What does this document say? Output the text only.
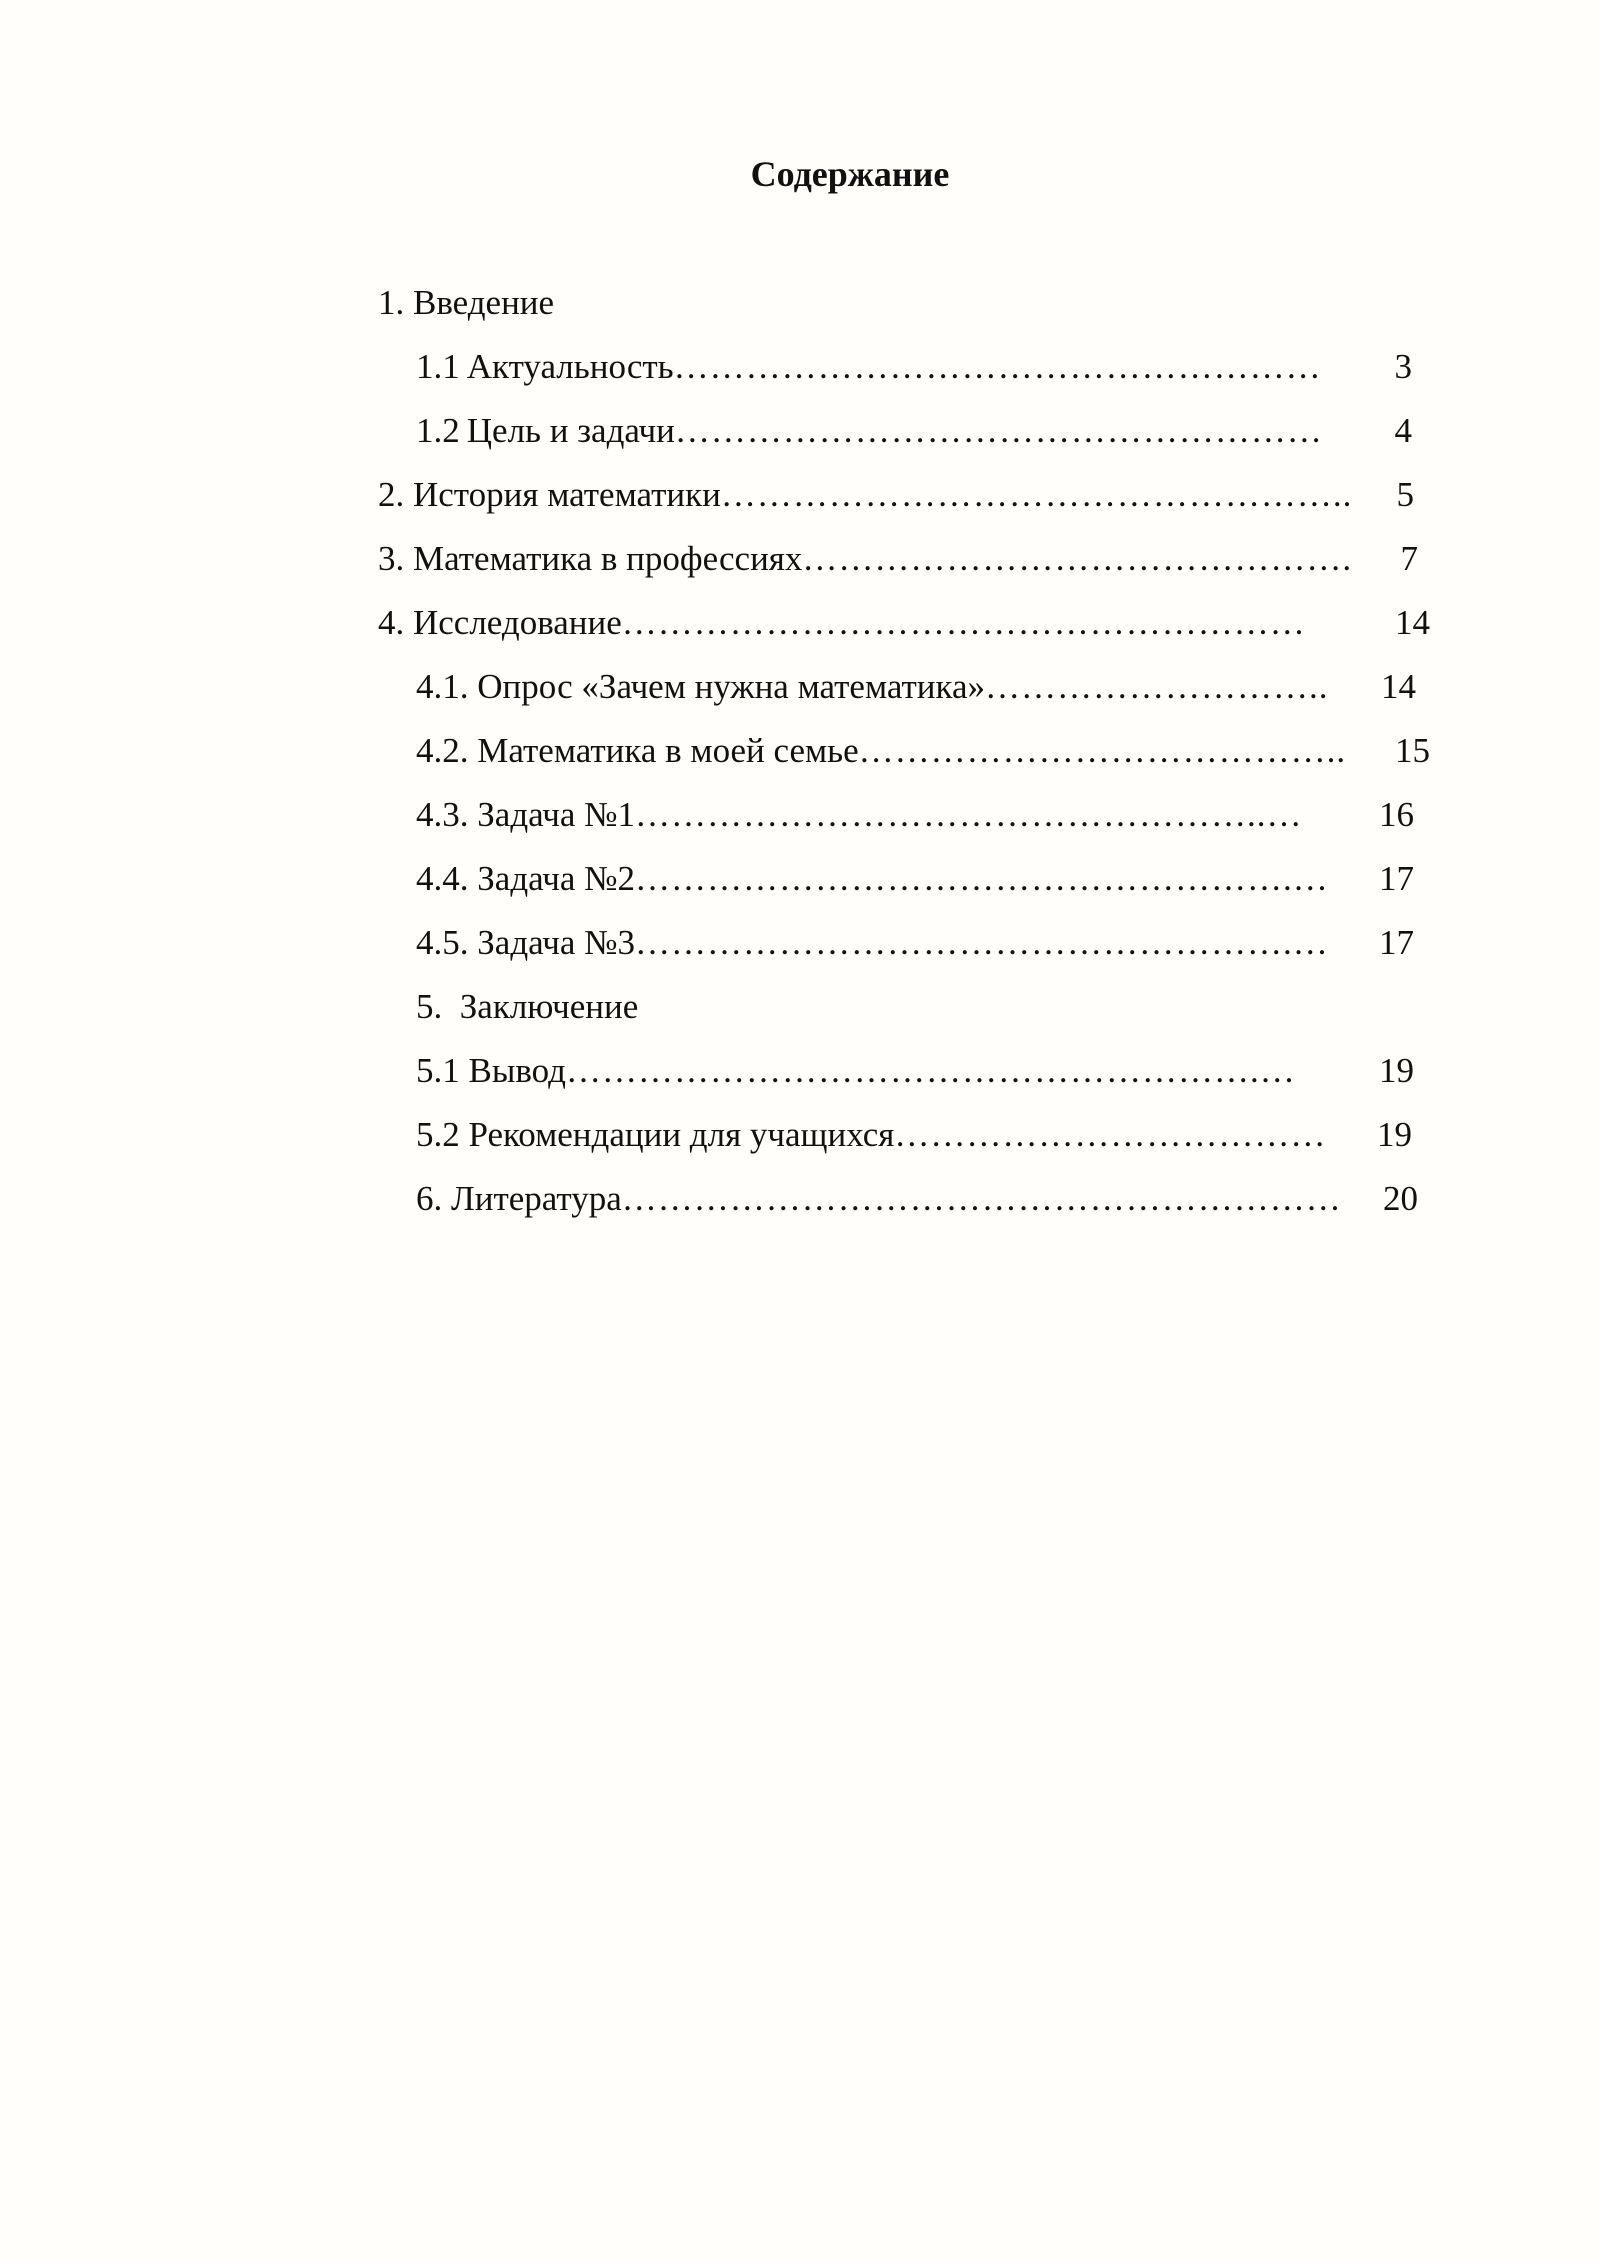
Содержание
1. Введение
1.1 Актуальность ………………………………………………	3
1.2 Цель и задачи ………………………………………………	4
2. История математики ……………………………………………..	5
3. Математика в профессиях ……………………………………….	7
4. Исследование …………………………………………………	14
4.1. Опрос «Зачем нужна математика» ………………………..	14
4.2. Математика в моей семье …………………………………..	15
4.3. Задача №1 ……………………………………………..…	16
4.4. Задача №2 ……………………………………………….…	17
4.5. Задача №3 ……………………………………………….…	17
5.  Заключение
5.1 Вывод ………………………………………………….…	19
5.2 Рекомендации для учащихся ………………………………	19
6. Литература ……………………………………………………	20
